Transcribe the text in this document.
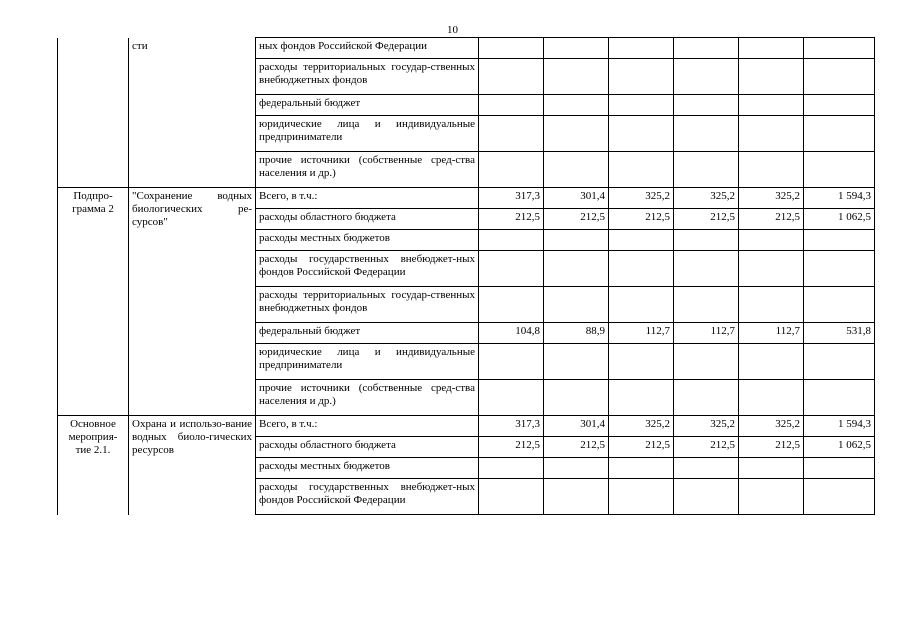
10
	сти	ных фондов Российской Федерации						
		расходы территориальных государ-ственных внебюджетных фондов						
		федеральный бюджет						
		юридические лица и индивидуальные предприниматели						
		прочие источники (собственные сред-ства населения и др.)						
Подпро-грамма 2	"Сохранение водных биологических ре-сурсов"	Всего, в т.ч.:	317,3	301,4	325,2	325,2	325,2	1 594,3
		расходы областного бюджета	212,5	212,5	212,5	212,5	212,5	1 062,5
		расходы местных бюджетов						
		расходы государственных внебюджет-ных фондов Российской Федерации						
		расходы территориальных государ-ственных внебюджетных фондов						
		федеральный бюджет	104,8	88,9	112,7	112,7	112,7	531,8
		юридические лица и индивидуальные предприниматели						
		прочие источники (собственные сред-ства населения и др.)						
Основное мероприя-тие 2.1.	Охрана и использо-вание водных биоло-гических ресурсов	Всего, в т.ч.:	317,3	301,4	325,2	325,2	325,2	1 594,3
		расходы областного бюджета	212,5	212,5	212,5	212,5	212,5	1 062,5
		расходы местных бюджетов						
		расходы государственных внебюджет-ных фондов Российской Федерации						
